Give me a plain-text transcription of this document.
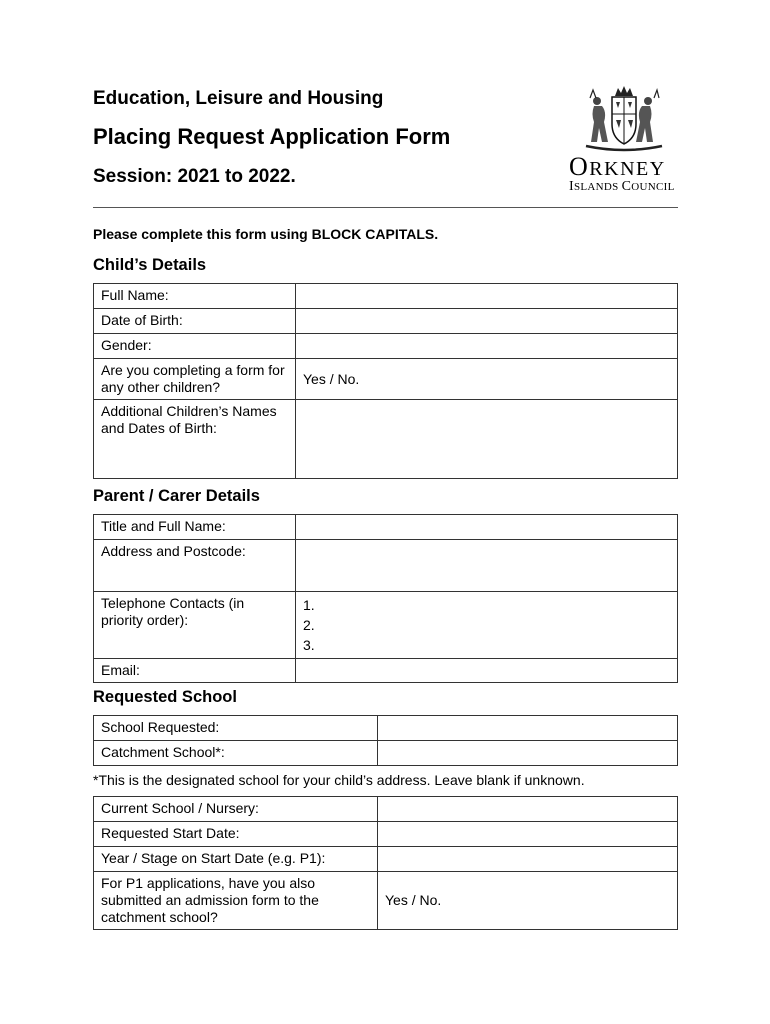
Education, Leisure and Housing
Placing Request Application Form
Session: 2021 to 2022.	ORKNEY
ISLANDS COUNCIL
Please complete this form using BLOCK CAPITALS.
Child’s Details
Full Name:	
Date of Birth:	
Gender:	
Are you completing a form for any other children?	Yes / No.
Additional Children’s Names and Dates of Birth:	
Parent / Carer Details
Title and Full Name:	
Address and Postcode:	
Telephone Contacts (in priority order):	1.
2.
3.

Email:	
Requested School
School Requested:	
Catchment School*:	
*This is the designated school for your child’s address. Leave blank if unknown.
Current School / Nursery:	
Requested Start Date:	
Year / Stage on Start Date (e.g. P1):	
For P1 applications, have you also submitted an admission form to the catchment school?	Yes / No.
